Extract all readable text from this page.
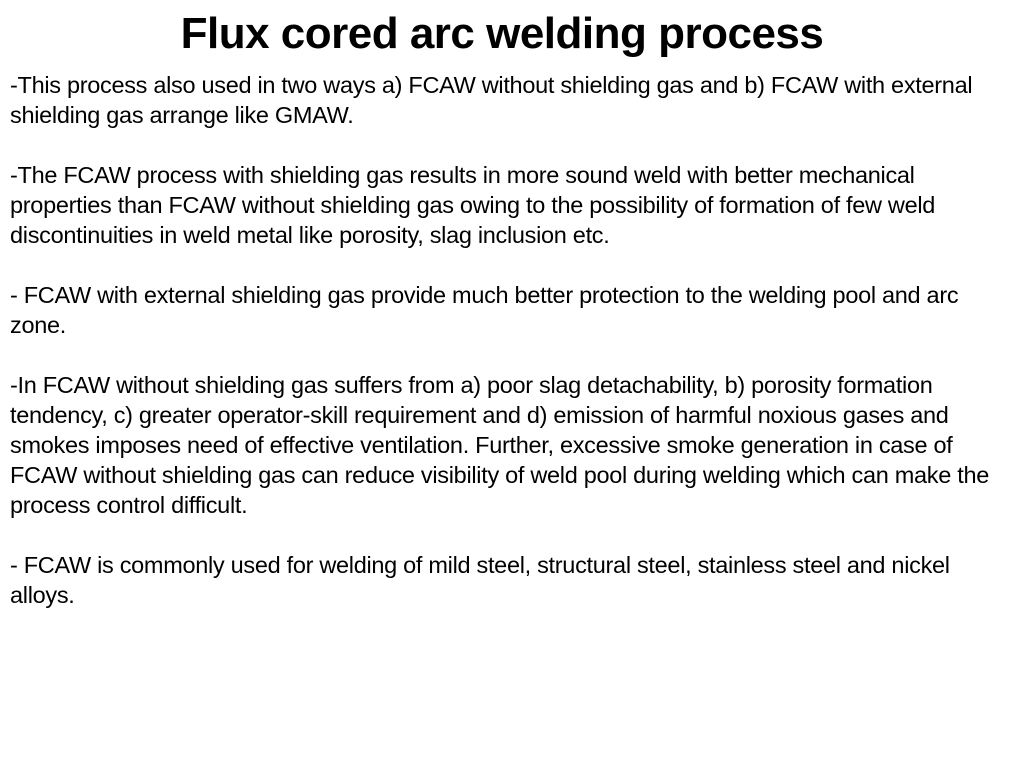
Flux cored arc welding process

-This process also used in two ways a) FCAW without shielding gas and b) FCAW with external shielding gas arrange like GMAW.

-The FCAW process with shielding gas results in more sound weld with better mechanical properties than FCAW without shielding gas owing to the possibility of formation of few weld discontinuities in weld metal like porosity, slag inclusion etc.

- FCAW with external shielding gas provide much better protection to the welding pool and arc zone.

-In FCAW without shielding gas suffers from a) poor slag detachability, b) porosity formation tendency, c) greater operator-skill requirement and d) emission of harmful noxious gases and smokes imposes need of effective ventilation. Further, excessive smoke generation in case of FCAW without shielding gas can reduce visibility of weld pool during welding which can make the process control difficult.

- FCAW is commonly used for welding of mild steel, structural steel, stainless steel and nickel alloys.
